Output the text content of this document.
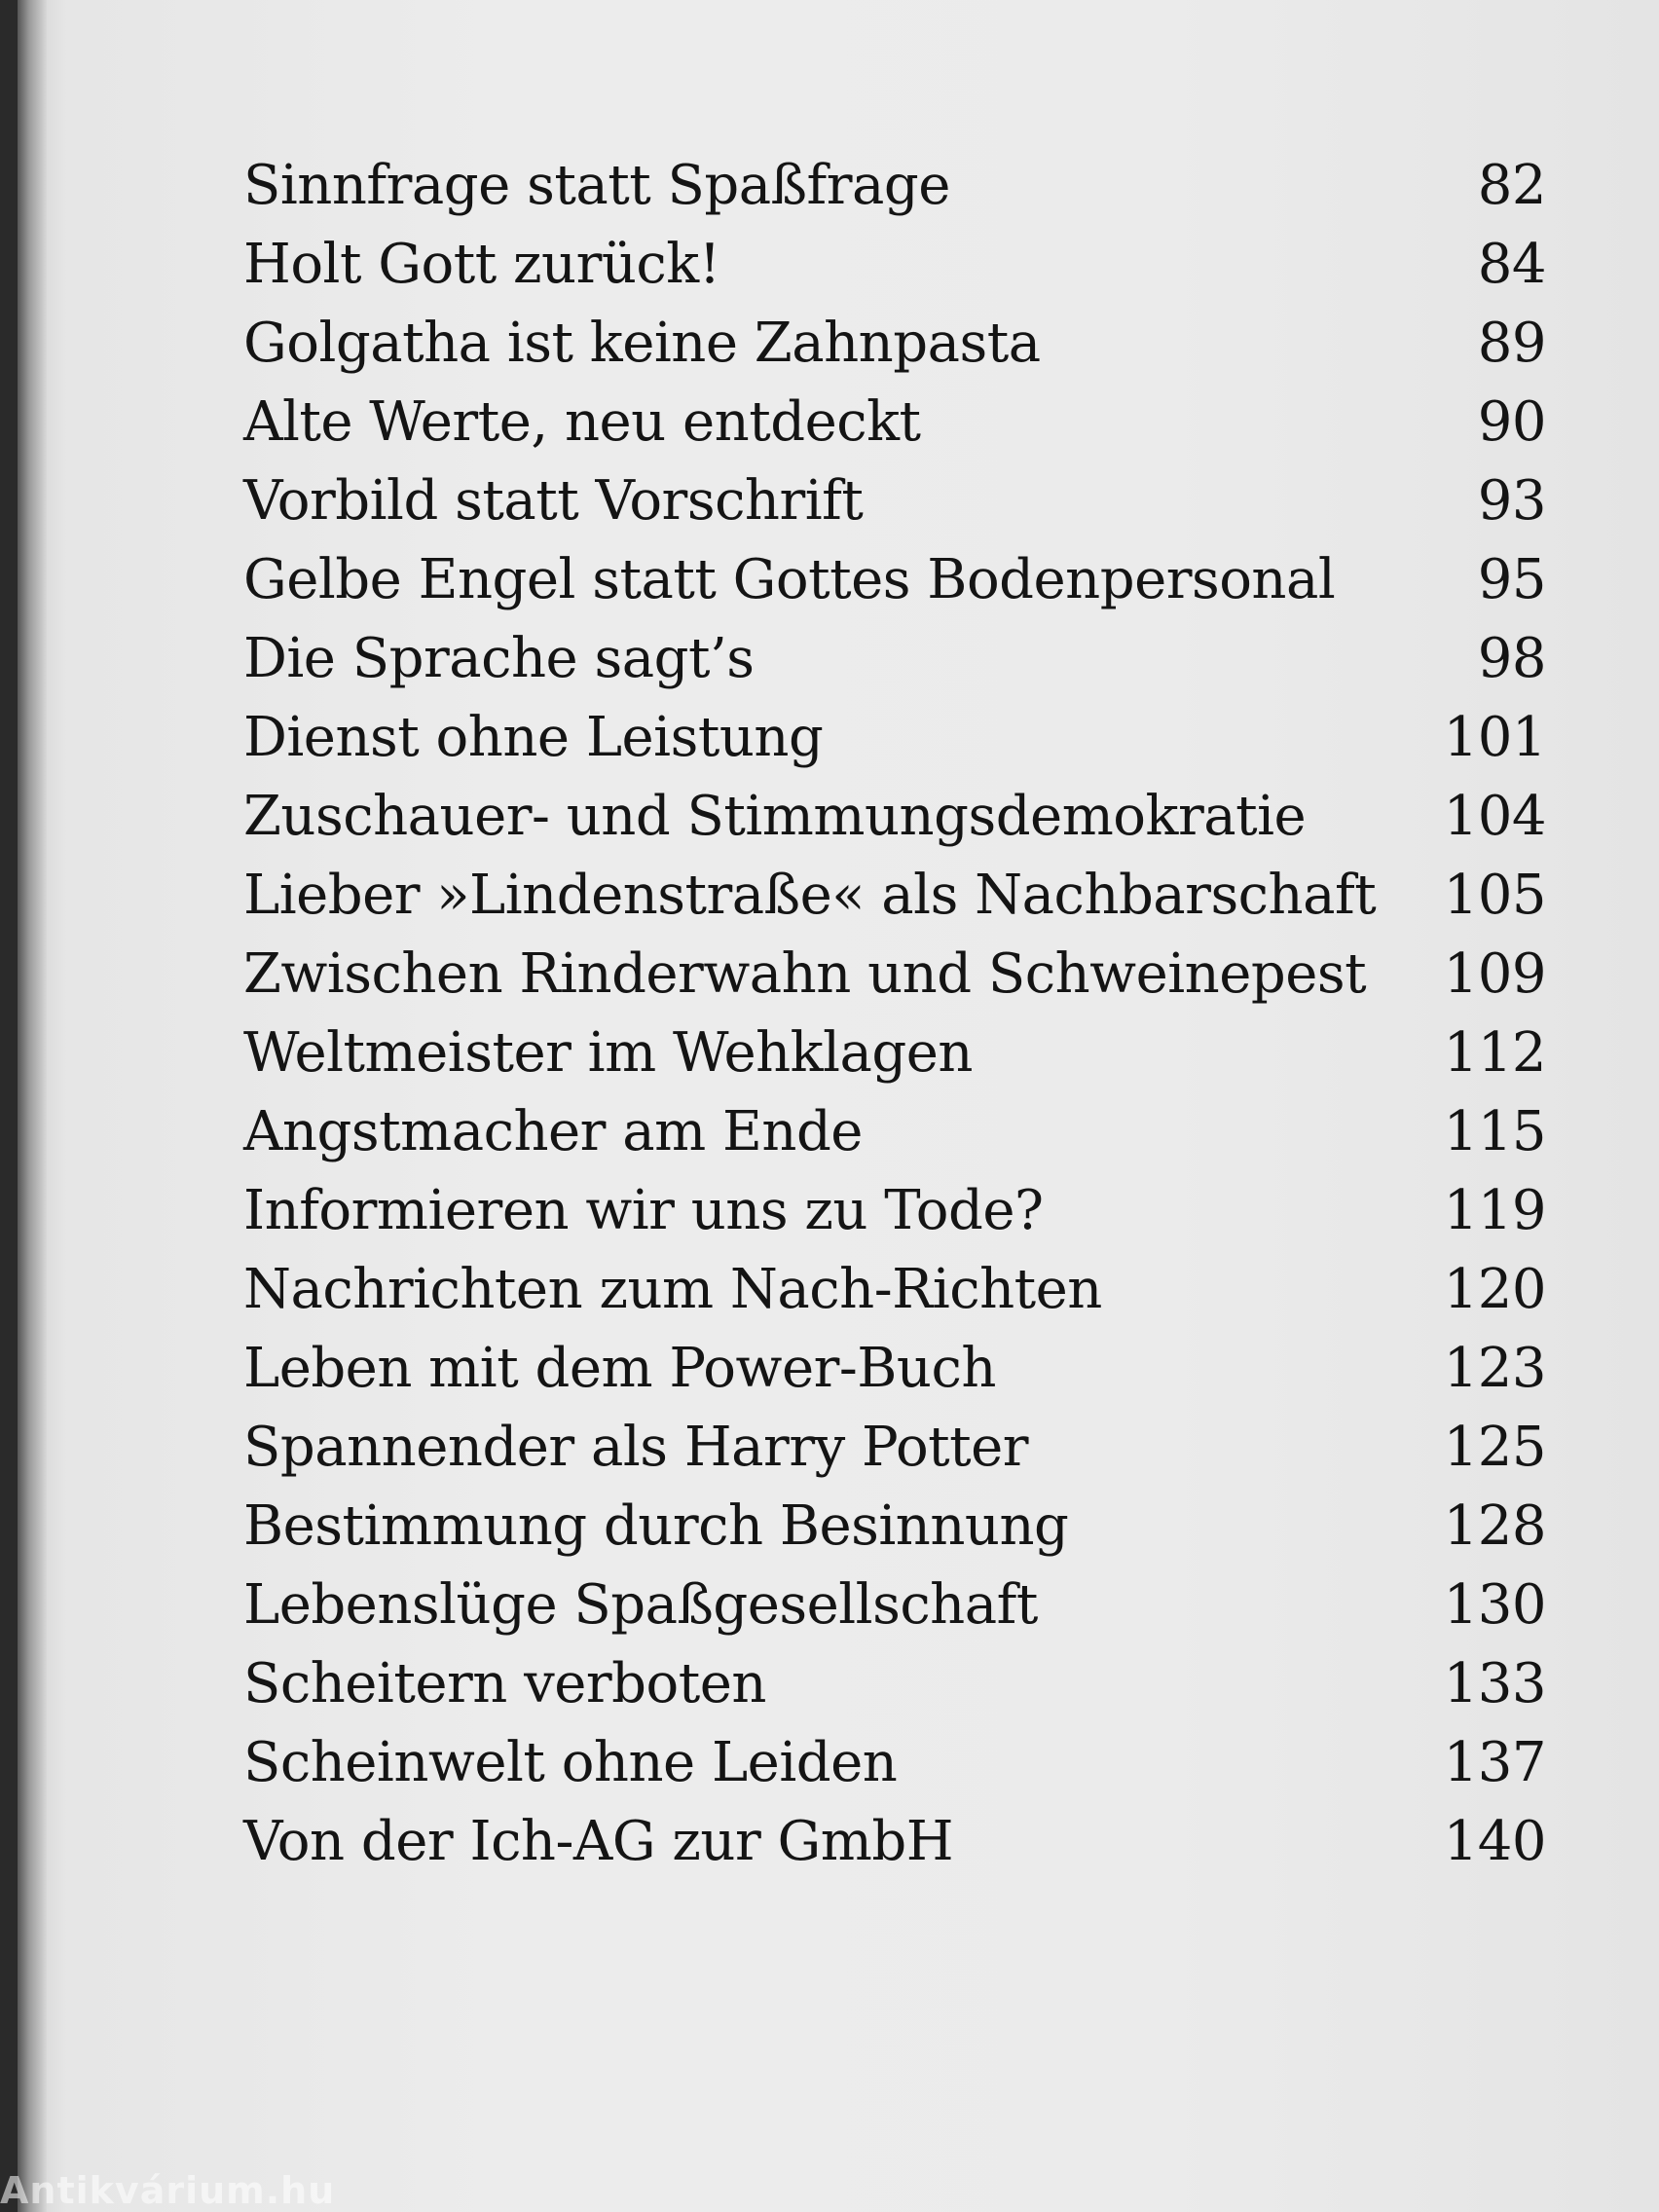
Sinnfrage statt Spaßfrage	82
Holt Gott zurück!	84
Golgatha ist keine Zahnpasta	89
Alte Werte, neu entdeckt	90
Vorbild statt Vorschrift	93
Gelbe Engel statt Gottes Bodenpersonal	95
Die Sprache sagt’s	98
Dienst ohne Leistung	101
Zuschauer- und Stimmungsdemokratie	104
Lieber »Lindenstraße« als Nachbarschaft 105
Zwischen Rinderwahn und Schweinepest 109
Weltmeister im Wehklagen	112
Angstmacher am Ende	115
Informieren wir uns zu Tode?	119
Nachrichten zum Nach-Richten	120
Leben mit dem Power-Buch	123
Spannender als Harry Potter	125
Bestimmung durch Besinnung	128
Lebenslüge Spaßgesellschaft	130
Scheitern verboten	133
Scheinwelt ohne Leiden	137
Von der Ich-AG zur GmbH	140
Antikvárium.hu
